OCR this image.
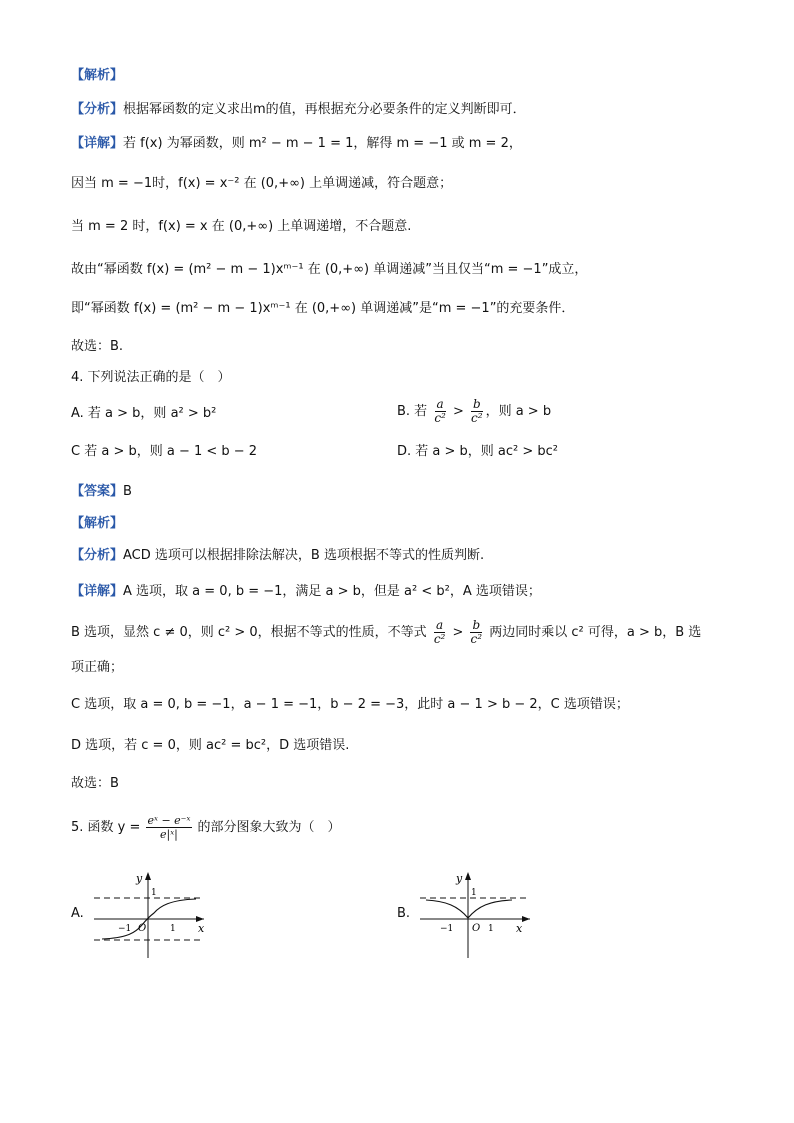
【解析】
【分析】根据幂函数的定义求出m的值，再根据充分必要条件的定义判断即可．
【详解】若 f(x) 为幂函数，则 m² − m − 1 = 1，解得 m = −1 或 m = 2，
因当 m = −1时，f(x) = x⁻² 在 (0,+∞) 上单调递减，符合题意；
当 m = 2 时，f(x) = x 在 (0,+∞) 上单调递增，不合题意.
故由“幂函数 f(x) = (m² − m − 1)xᵐ⁻¹ 在 (0,+∞) 单调递减”当且仅当“m = −1”成立，
即“幂函数 f(x) = (m² − m − 1)xᵐ⁻¹ 在 (0,+∞) 单调递减”是“m = −1”的充要条件．
故选：B.
4. 下列说法正确的是（　）
A. 若 a > b，则 a² > b²	B. 若 $\frac{a}{\text{c²}} > \frac{b}{\text{c²}}$ ，则 a > b
C 若 a > b，则 a − 1 < b − 2	D. 若 a > b，则 ac² > bc²
【答案】B
【解析】
【分析】ACD 选项可以根据排除法解决，B 选项根据不等式的性质判断.
【详解】A 选项，取 a = 0, b = −1，满足 a > b，但是 a² < b²，A 选项错误；
B 选项，显然 c ≠ 0，则 c² > 0，根据不等式的性质，不等式 $\frac{a}{\text{c²}} > \frac{b}{\text{c²}}$ 两边同时乘以 c² 可得，a > b，B 选
项正确；
C 选项，取 a = 0, b = −1，a − 1 = −1，b − 2 = −3，此时 a − 1 > b − 2，C 选项错误；
D 选项，若 c = 0，则 ac² = bc²，D 选项错误.
故选：B
5. 函数 $y = \frac{\text{eˣ − e⁻ˣ}}{\text{e|ˣ|}}$ 的部分图象大致为（　）
A.
y
x
1
−1 O	1
B.
y
x
1
−1 O 1
